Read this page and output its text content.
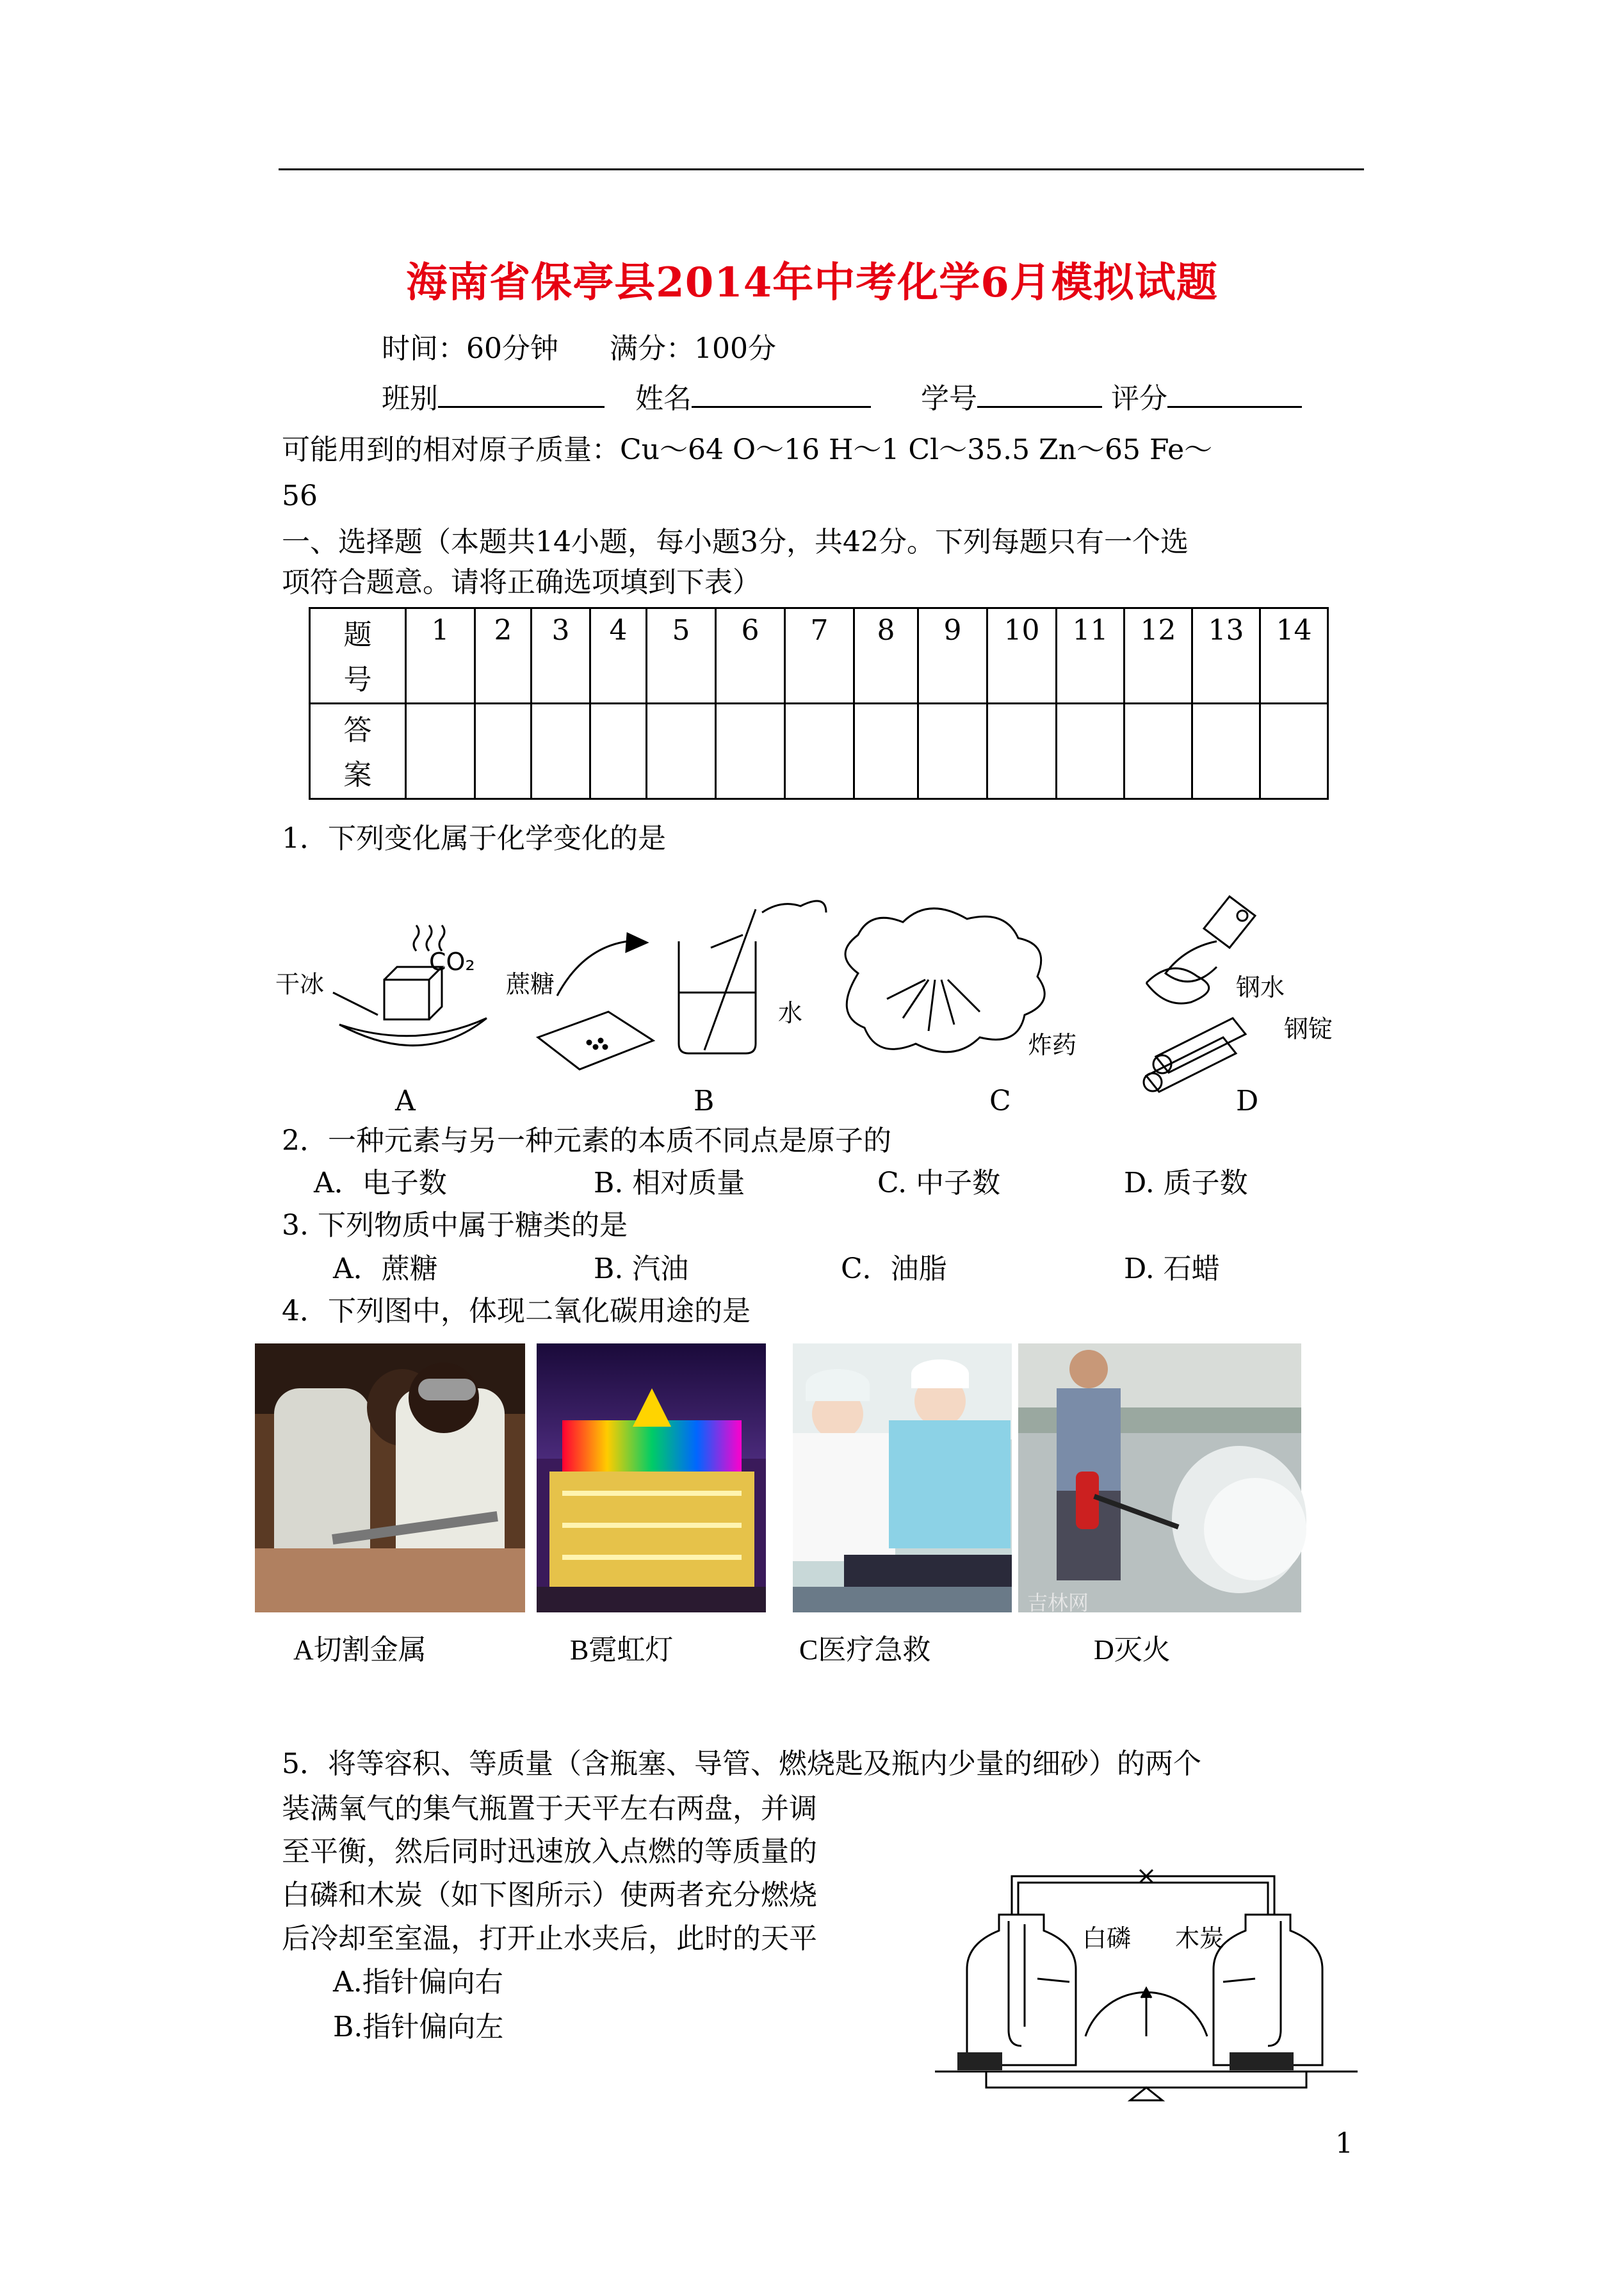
海南省保亭县2014年中考化学6月模拟试题
时间：60分钟 满分：100分
班别	姓名	学号	评分
可能用到的相对原子质量：Cu～64 O～16 H～1 Cl～35.5 Zn～65 Fe～
56
一、选择题（本题共14小题，每小题3分，共42分。下列每题只有一个选
项符合题意。请将正确选项填到下表）
题
号	1	2	3	4	5	6	7	8	9	10	11	12	13	14
答
案														
1．下列变化属于化学变化的是
干冰
CO₂
蔗糖
水
炸药
钢水
钢锭
A	B	C	D
2．一种元素与另一种元素的本质不同点是原子的
A．电子数	B. 相对质量	C. 中子数	D. 质子数
3. 下列物质中属于糖类的是
A．蔗糖	B. 汽油	C．油脂	D. 石蜡
4．下列图中，体现二氧化碳用途的是
吉林网
A切割金属	B霓虹灯	C医疗急救	D灭火
5．将等容积、等质量（含瓶塞、导管、燃烧匙及瓶内少量的细砂）的两个
装满氧气的集气瓶置于天平左右两盘，并调
至平衡，然后同时迅速放入点燃的等质量的
白磷和木炭（如下图所示）使两者充分燃烧
后冷却至室温，打开止水夹后，此时的天平
A.指针偏向右
B.指针偏向左
白磷 木炭
1
